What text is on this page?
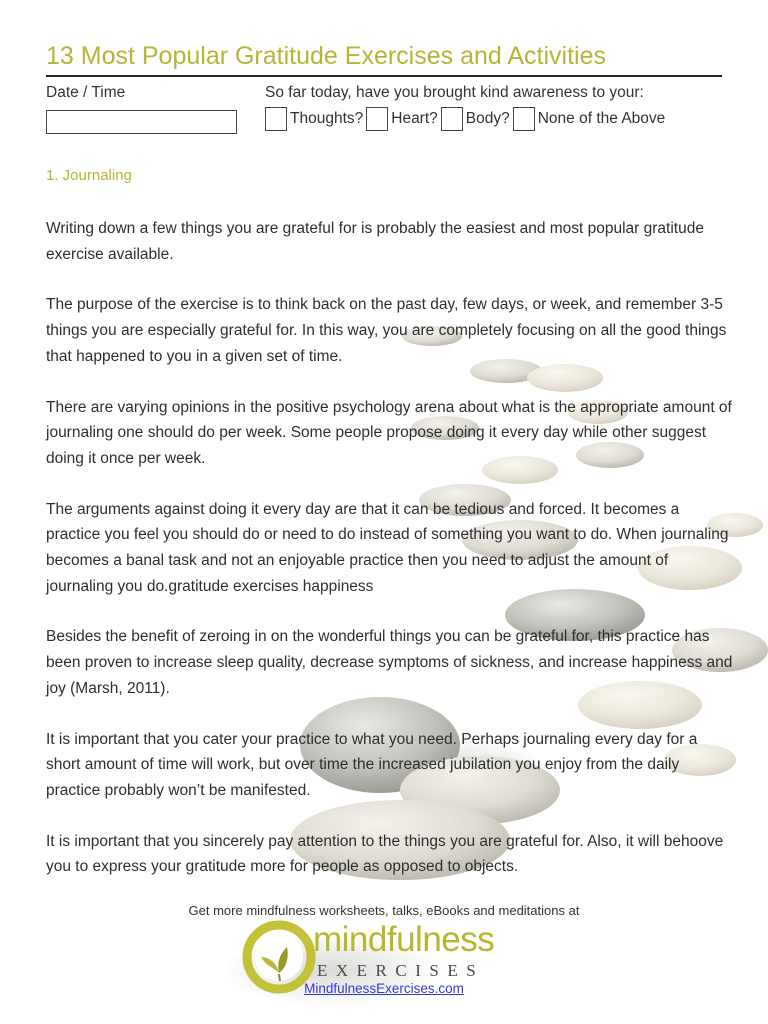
13 Most Popular Gratitude Exercises and Activities
Date / Time	So far today, have you brought kind awareness to your:
Thoughts? Heart? Body? None of the Above
1. Journaling

Writing down a few things you are grateful for is probably the easiest and most popular gratitude exercise available.

The purpose of the exercise is to think back on the past day, few days, or week, and remember 3-5 things you are especially grateful for. In this way, you are completely focusing on all the good things that happened to you in a given set of time.

There are varying opinions in the positive psychology arena about what is the appropriate amount of journaling one should do per week. Some people propose doing it every day while other suggest doing it once per week.

The arguments against doing it every day are that it can be tedious and forced. It becomes a practice you feel you should do or need to do instead of something you want to do. When journaling becomes a banal task and not an enjoyable practice then you need to adjust the amount of journaling you do.gratitude exercises happiness

Besides the benefit of zeroing in on the wonderful things you can be grateful for, this practice has been proven to increase sleep quality, decrease symptoms of sickness, and increase happiness and joy (Marsh, 2011).

It is important that you cater your practice to what you need. Perhaps journaling every day for a short amount of time will work, but over time the increased jubilation you enjoy from the daily practice probably won’t be manifested.

It is important that you sincerely pay attention to the things you are grateful for. Also, it will behoove you to express your gratitude more for people as opposed to objects.

Get more mindfulness worksheets, talks, eBooks and meditations at
mindfulness
EXERCISES
MindfulnessExercises.com
